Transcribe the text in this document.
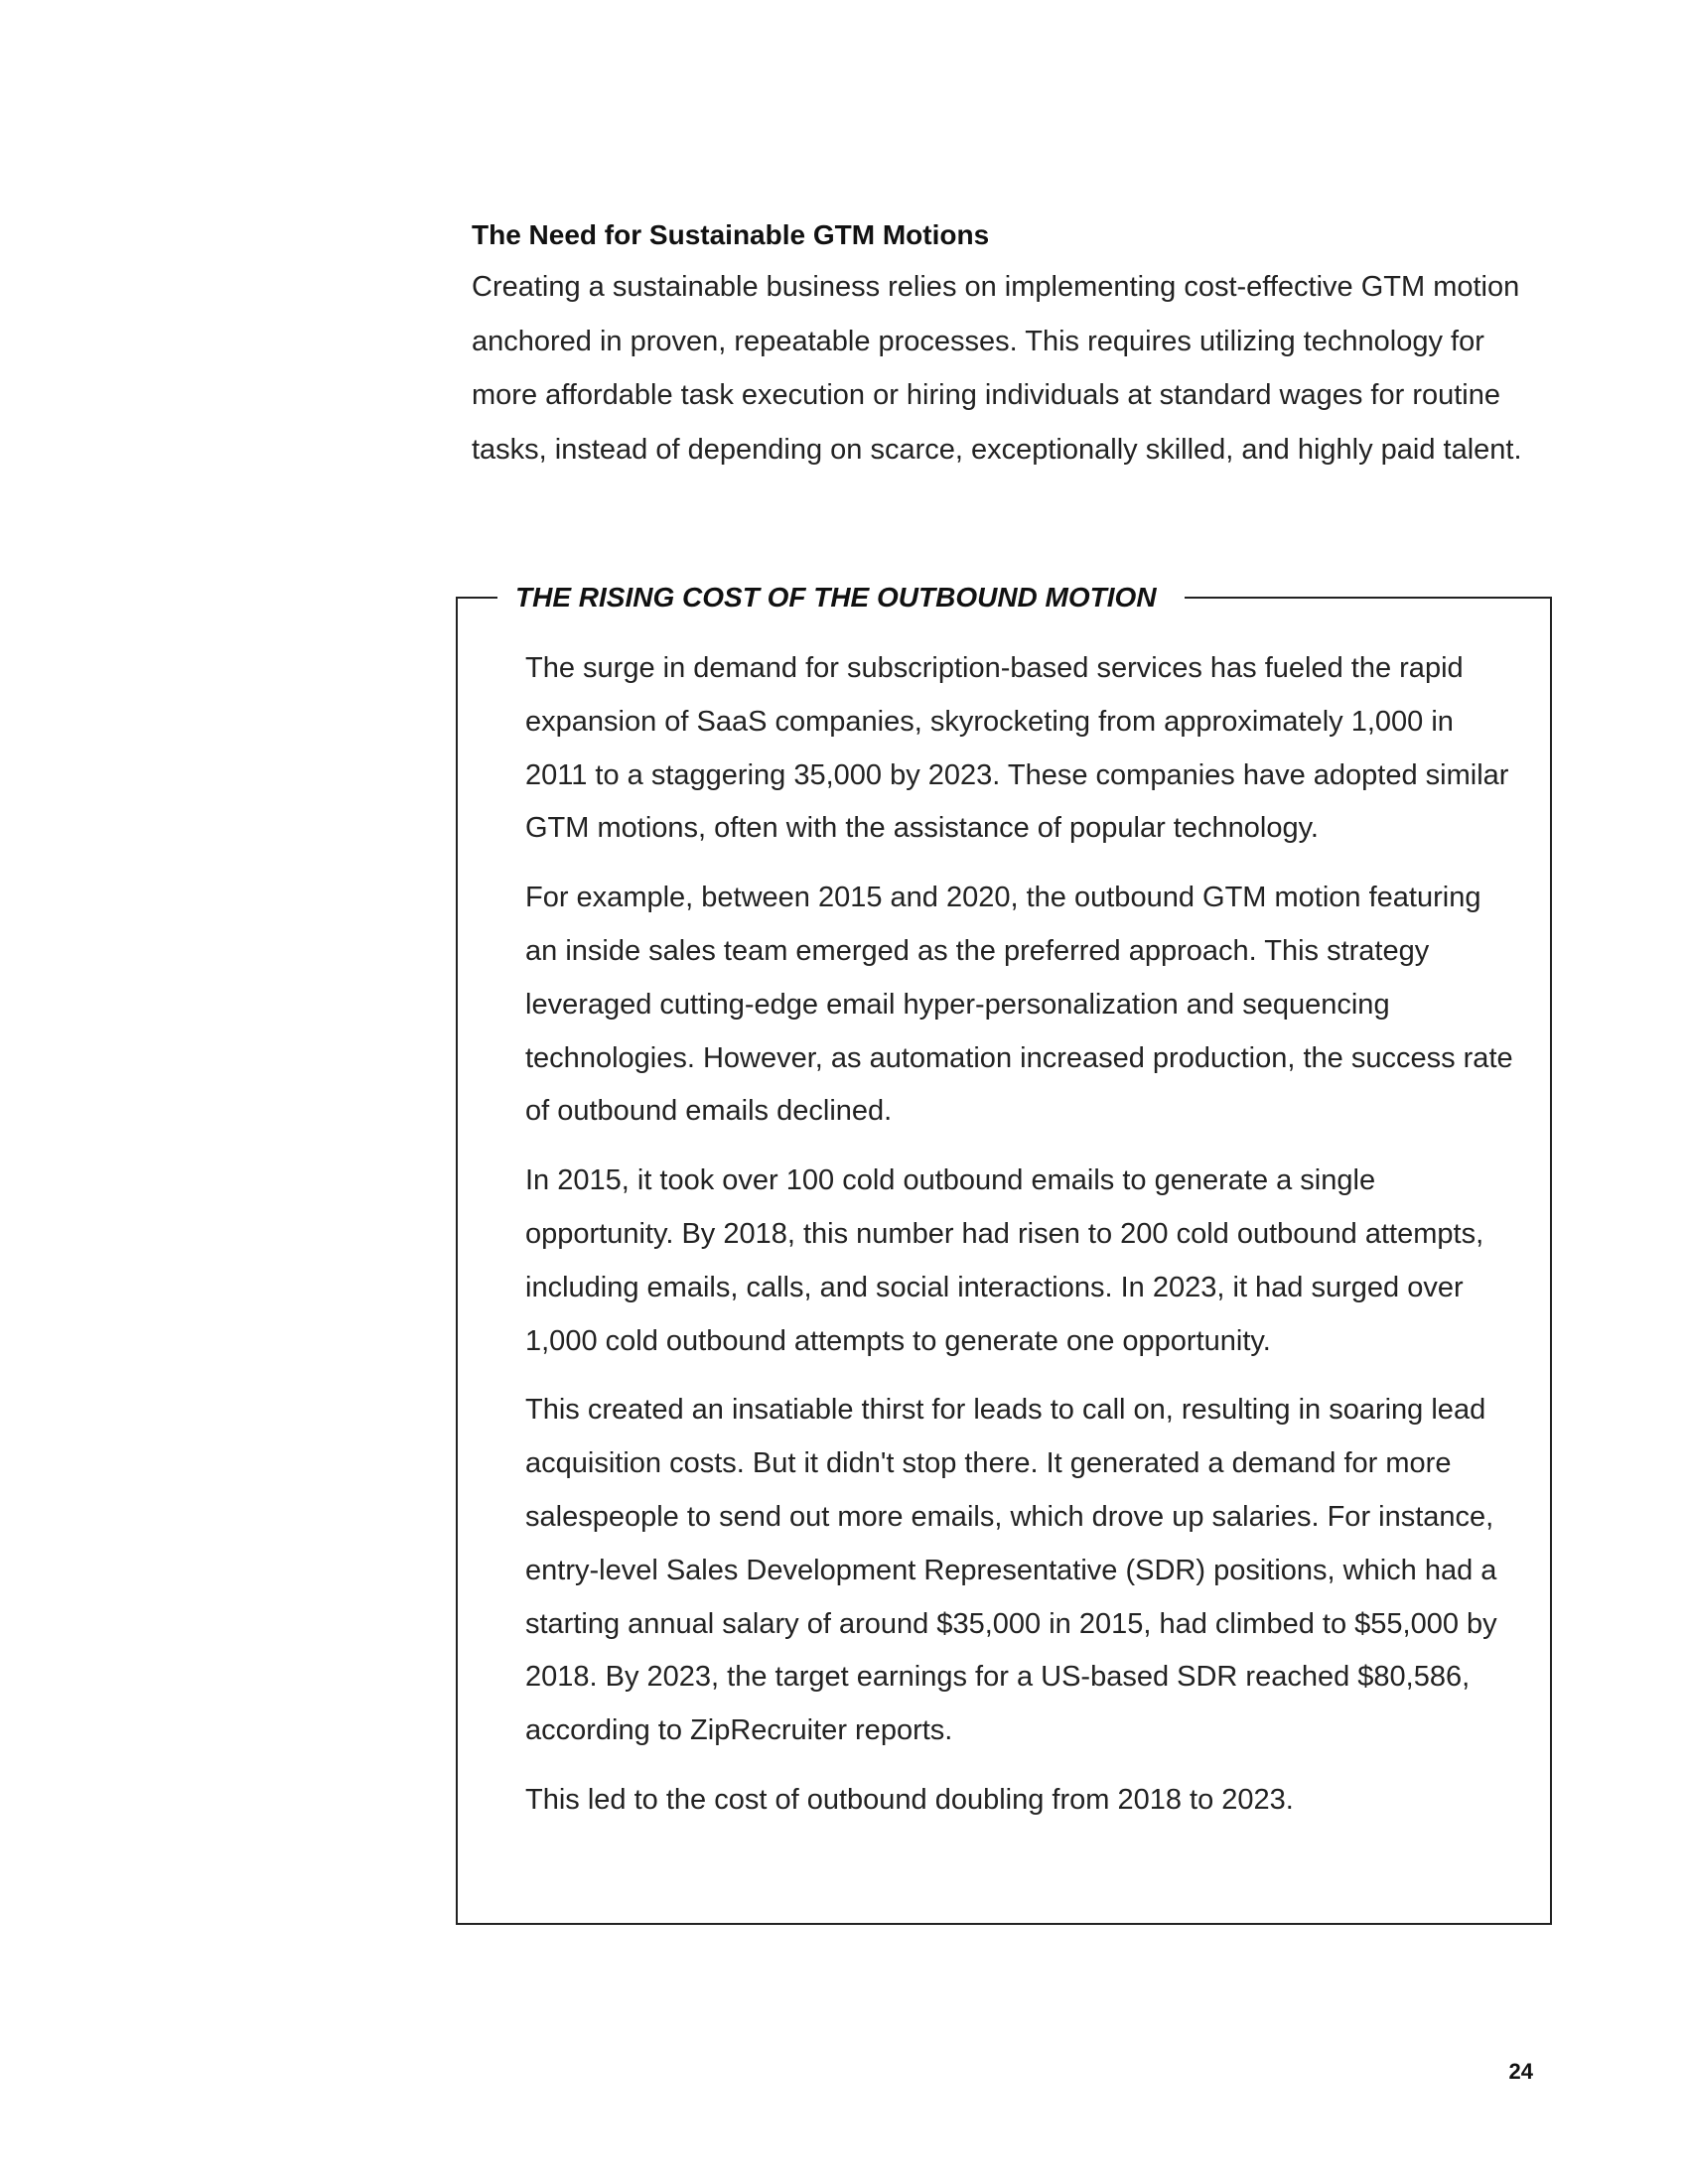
The Need for Sustainable GTM Motions

Creating a sustainable business relies on implementing cost-effective GTM motion anchored in proven, repeatable processes. This requires utilizing technology for more affordable task execution or hiring individuals at standard wages for routine tasks, instead of depending on scarce, exceptionally skilled, and highly paid talent.

THE RISING COST OF THE OUTBOUND MOTION

The surge in demand for subscription-based services has fueled the rapid expansion of SaaS companies, skyrocketing from approximately 1,000 in 2011 to a staggering 35,000 by 2023. These companies have adopted similar GTM motions, often with the assistance of popular technology.

For example, between 2015 and 2020, the outbound GTM motion featuring an inside sales team emerged as the preferred approach. This strategy leveraged cutting-edge email hyper-personalization and sequencing technologies. However, as automation increased production, the success rate of outbound emails declined.

In 2015, it took over 100 cold outbound emails to generate a single opportunity. By 2018, this number had risen to 200 cold outbound attempts, including emails, calls, and social interactions. In 2023, it had surged over 1,000 cold outbound attempts to generate one opportunity.

This created an insatiable thirst for leads to call on, resulting in soaring lead acquisition costs. But it didn't stop there. It generated a demand for more salespeople to send out more emails, which drove up salaries. For instance, entry-level Sales Development Representative (SDR) positions, which had a starting annual salary of around $35,000 in 2015, had climbed to $55,000 by 2018. By 2023, the target earnings for a US-based SDR reached $80,586, according to ZipRecruiter reports.

This led to the cost of outbound doubling from 2018 to 2023.

24
